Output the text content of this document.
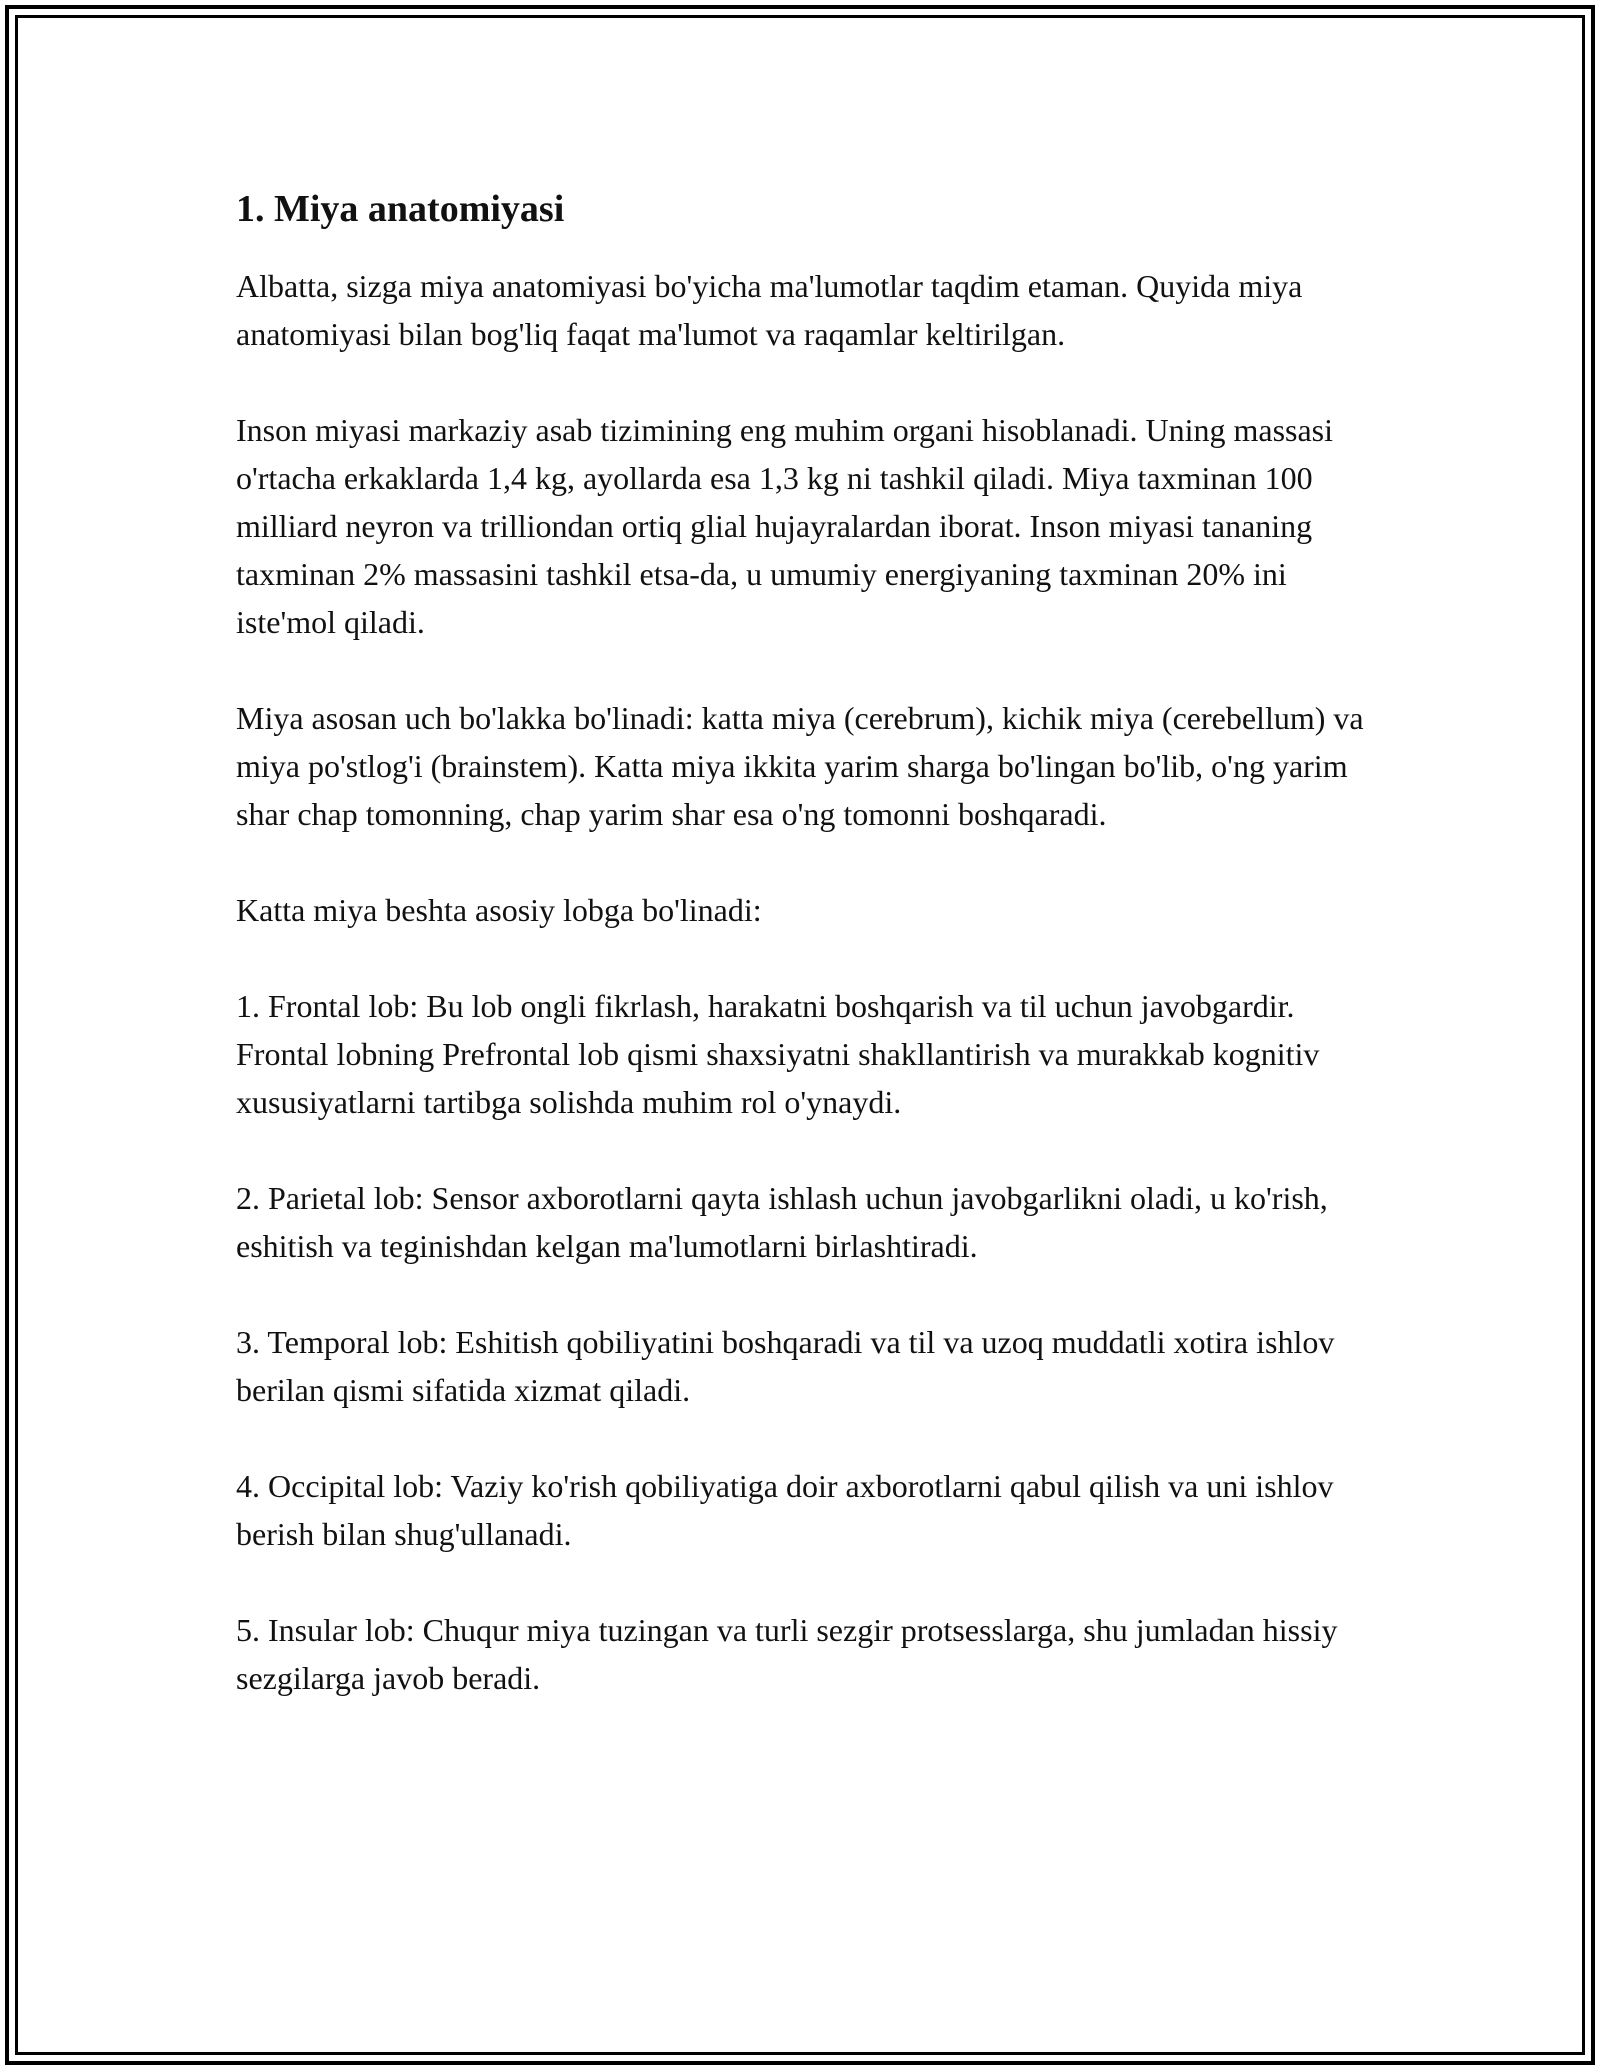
1. Miya anatomiyasi

Albatta, sizga miya anatomiyasi bo'yicha ma'lumotlar taqdim etaman. Quyida miya anatomiyasi bilan bog'liq faqat ma'lumot va raqamlar keltirilgan.

Inson miyasi markaziy asab tizimining eng muhim organi hisoblanadi. Uning massasi o'rtacha erkaklarda 1,4 kg, ayollarda esa 1,3 kg ni tashkil qiladi. Miya taxminan 100 milliard neyron va trilliondan ortiq glial hujayralardan iborat. Inson miyasi tananing taxminan 2% massasini tashkil etsa-da, u umumiy energiyaning taxminan 20% ini iste'mol qiladi.

Miya asosan uch bo'lakka bo'linadi: katta miya (cerebrum), kichik miya (cerebellum) va miya po'stlog'i (brainstem). Katta miya ikkita yarim sharga bo'lingan bo'lib, o'ng yarim shar chap tomonning, chap yarim shar esa o'ng tomonni boshqaradi.

Katta miya beshta asosiy lobga bo'linadi:

1. Frontal lob: Bu lob ongli fikrlash, harakatni boshqarish va til uchun javobgardir. Frontal lobning Prefrontal lob qismi shaxsiyatni shakllantirish va murakkab kognitiv xususiyatlarni tartibga solishda muhim rol o'ynaydi.

2. Parietal lob: Sensor axborotlarni qayta ishlash uchun javobgarlikni oladi, u ko'rish, eshitish va teginishdan kelgan ma'lumotlarni birlashtiradi.

3. Temporal lob: Eshitish qobiliyatini boshqaradi va til va uzoq muddatli xotira ishlov berilan qismi sifatida xizmat qiladi.

4. Occipital lob: Vaziy ko'rish qobiliyatiga doir axborotlarni qabul qilish va uni ishlov berish bilan shug'ullanadi.

5. Insular lob: Chuqur miya tuzingan va turli sezgir protsesslarga, shu jumladan hissiy sezgilarga javob beradi.
